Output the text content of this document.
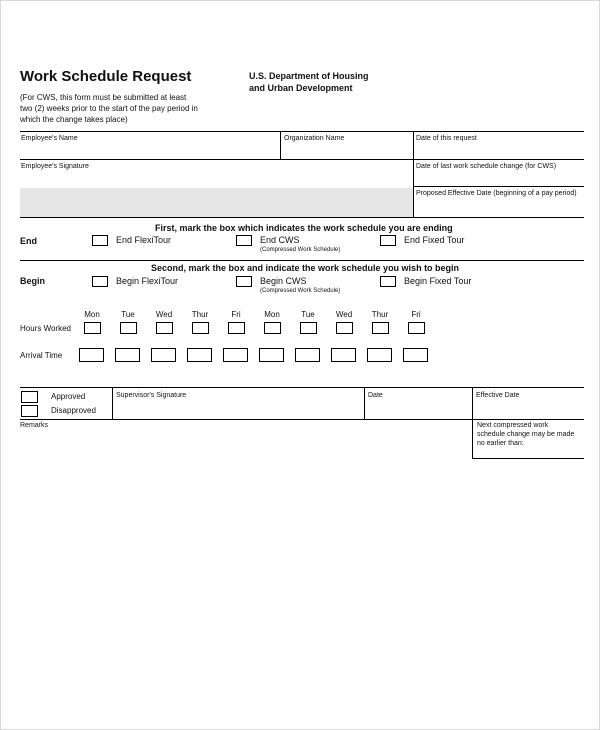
Work Schedule Request
(For CWS, this form must be submitted at least two (2) weeks prior to the start of the pay period in which the change takes place)
U.S. Department of Housing
and Urban Development
Employee's Name	Organization Name	Date of this request
Employee's Signature	Date of last work schedule change (for CWS)
Proposed Effective Date (beginning of a pay period)
First, mark the box which indicates the work schedule you are ending
End	End FlexiTour	End CWS
(Compressed Work Schedule)
End Fixed Tour
Second, mark the box and indicate the work schedule you wish to begin
Begin	Begin FlexiTour	Begin CWS
(Compressed Work Schedule)
Begin Fixed Tour
Mon	Tue	Wed	Thur	Fri	Mon	Tue	Wed	Thur	Fri
Hours Worked
Arrival Time
Approved
Disapproved
Supervisor's Signature	Date	Effective Date
Remarks	Next compressed work schedule change may be made no earlier than:
